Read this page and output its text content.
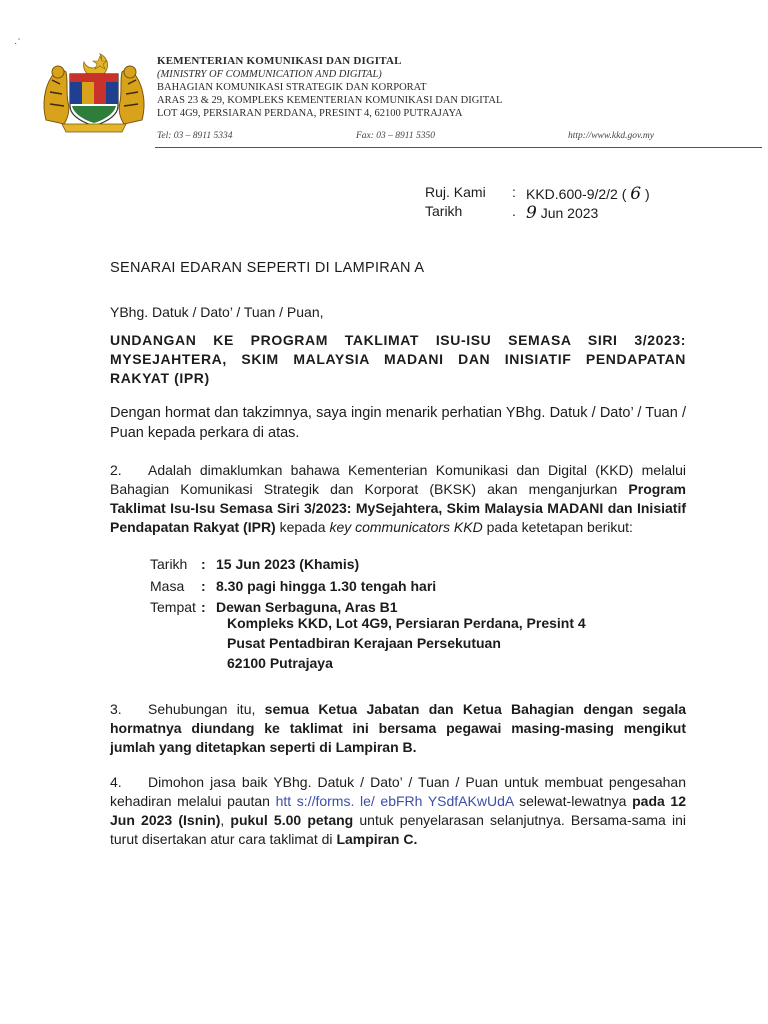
·ˊ
KEMENTERIAN KOMUNIKASI DAN DIGITAL
(MINISTRY OF COMMUNICATION AND DIGITAL)
BAHAGIAN KOMUNIKASI STRATEGIK DAN KORPORAT
ARAS 23 & 29, KOMPLEKS KEMENTERIAN KOMUNIKASI DAN DIGITAL
LOT 4G9, PERSIARAN PERDANA, PRESINT 4, 62100 PUTRAJAYA
Tel: 03 – 8911 5334	Fax: 03 – 8911 5350	http://www.kkd.gov.my
Ruj. Kami : KKD.600-9/2/2 ( 6 )
Tarikh	. 9 Jun 2023
SENARAI EDARAN SEPERTI DI LAMPIRAN A
YBhg. Datuk / Dato’ / Tuan / Puan,
UNDANGAN KE PROGRAM TAKLIMAT ISU-ISU SEMASA SIRI 3/2023: MYSEJAHTERA, SKIM MALAYSIA MADANI DAN INISIATIF PENDAPATAN RAKYAT (IPR)
Dengan hormat dan takzimnya, saya ingin menarik perhatian YBhg. Datuk / Dato’ / Tuan / Puan kepada perkara di atas.
2. Adalah dimaklumkan bahawa Kementerian Komunikasi dan Digital (KKD) melalui Bahagian Komunikasi Strategik dan Korporat (BKSK) akan menganjurkan Program Taklimat Isu-Isu Semasa Siri 3/2023: MySejahtera, Skim Malaysia MADANI dan Inisiatif Pendapatan Rakyat (IPR) kepada key communicators KKD pada ketetapan berikut:
Tarikh : 15 Jun 2023 (Khamis)
Masa : 8.30 pagi hingga 1.30 tengah hari
Tempat : Dewan Serbaguna, Aras B1
Kompleks KKD, Lot 4G9, Persiaran Perdana, Presint 4
Pusat Pentadbiran Kerajaan Persekutuan
62100 Putrajaya
3. Sehubungan itu, semua Ketua Jabatan dan Ketua Bahagian dengan segala hormatnya diundang ke taklimat ini bersama pegawai masing-masing mengikut jumlah yang ditetapkan seperti di Lampiran B.
4. Dimohon jasa baik YBhg. Datuk / Dato’ / Tuan / Puan untuk membuat pengesahan kehadiran melalui pautan htt s://forms. le/ ebFRh YSdfAKwUdA selewat-lewatnya pada 12 Jun 2023 (Isnin), pukul 5.00 petang untuk penyelarasan selanjutnya. Bersama-sama ini turut disertakan atur cara taklimat di Lampiran C.
